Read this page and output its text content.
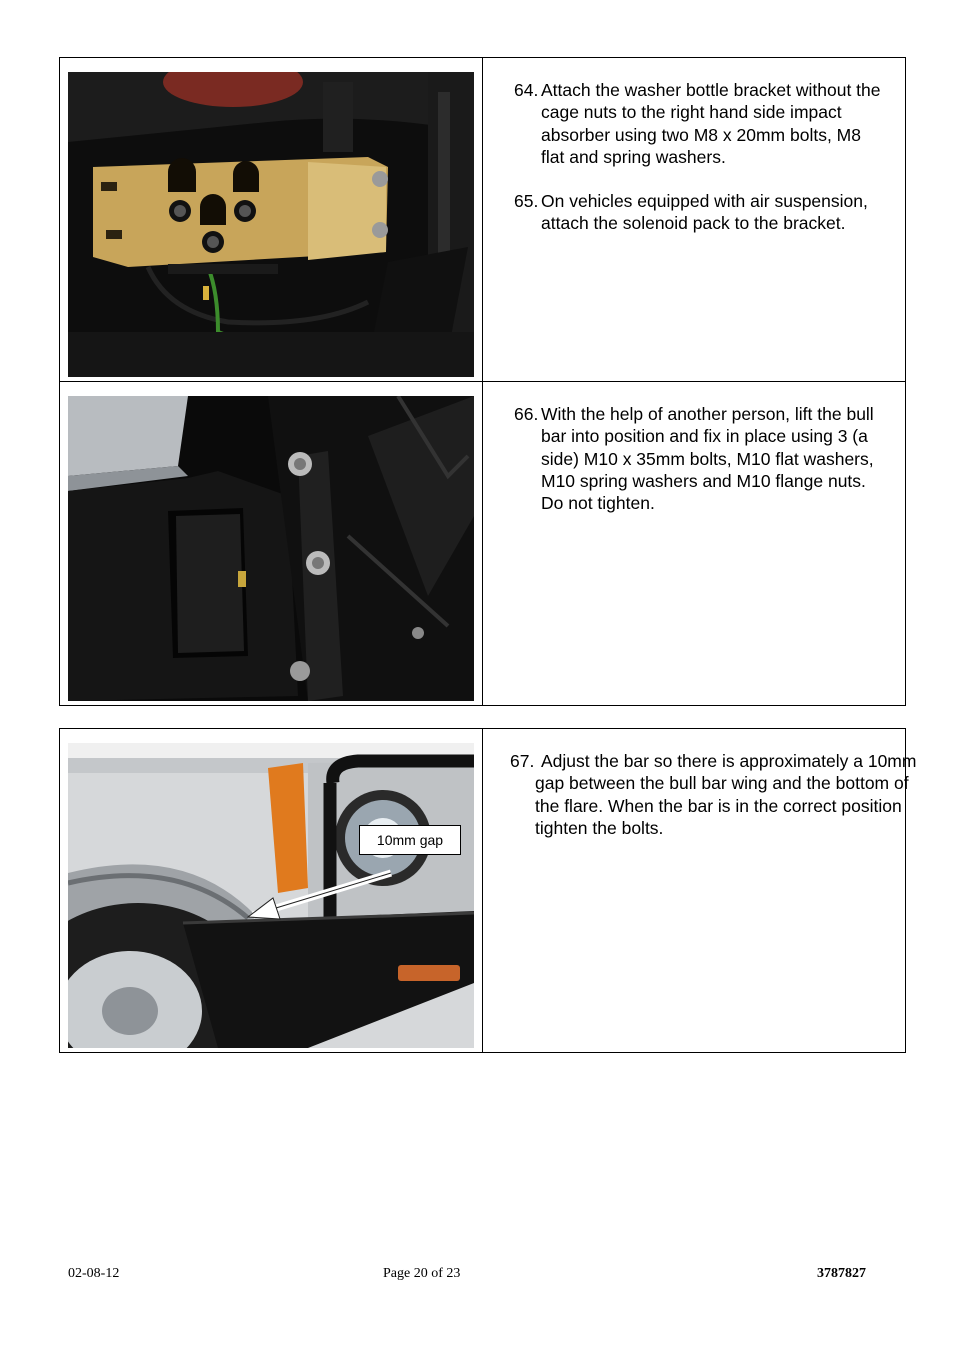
64. Attach the washer bottle bracket without the cage nuts to the right hand side impact absorber using two M8 x 20mm bolts, M8 flat and spring washers.

65. On vehicles equipped with air suspension, attach the solenoid pack to the bracket.

66. With the help of another person, lift the bull bar into position and fix in place using 3 (a side) M10 x 35mm bolts, M10 flat washers, M10 spring washers and M10 flange nuts. Do not tighten.

10mm gap

67. Adjust the bar so there is approximately a 10mm gap between the bull bar wing and the bottom of the flare. When the bar is in the correct position tighten the bolts.

02-08-12	Page 20 of 23	3787827
